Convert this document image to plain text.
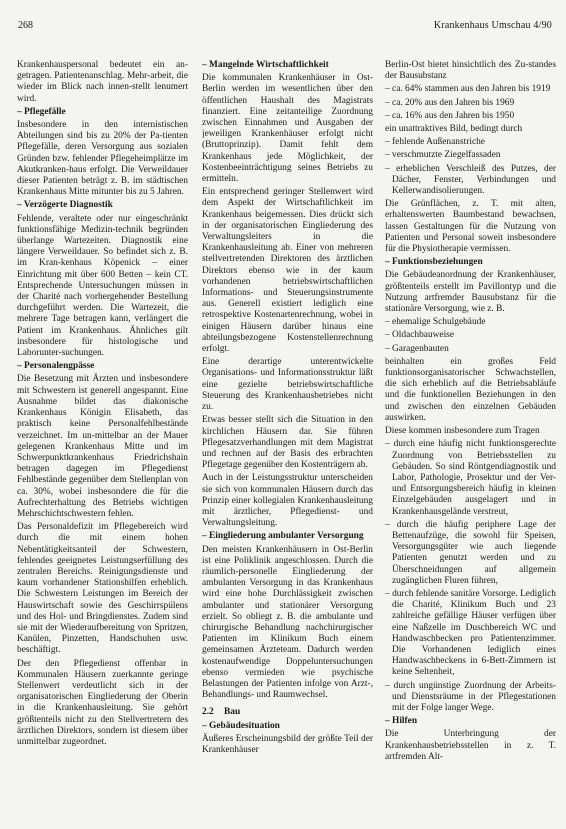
268	Krankenhaus Umschau 4/90

Krankenhauspersonal bedeutet ein an-getragen. Patientenanschlag. Mehr-arbeit, die wieder im Blick nach innen-stellt lenumert wird.

– Pflegefälle

Insbesondere in den internistischen Abteilungen sind bis zu 20% der Pa-tienten Pflegefälle, deren Versorgung aus sozialen Gründen bzw. fehlender Pflegeheimplätze im Akutkranken-haus erfolgt. Die Verweildauer dieser Patienten beträgt z. B. im städtischen Krankenhaus Mitte mitunter bis zu 5 Jahren.

– Verzögerte Diagnostik

Fehlende, veraltete oder nur eingeschränkt funktionsfähige Medizin-technik begründen überlange Wartezeiten. Diagnostik eine längere Verweildauer. So befindet sich z. B. im Kran-kenhaus Köpenick – einer Einrichtung mit über 600 Betten – kein CT. Entsprechende Untersuchungen müssen in der Charité nach vorhergehender Bestellung durchgeführt werden. Die Wartezeit, die mehrere Tage betragen kann, verlängert die Patient im Krankenhaus. Ähnliches gilt insbesondere für histologische und Laborunter-suchungen.

– Personalengpässe

Die Besetzung mit Ärzten und insbesondere mit Schwestern ist generell angespannt. Eine Ausnahme bildet das diakonische Krankenhaus Königin Elisabeth, das praktisch keine Personalfehlbestände verzeichnet. Im un-mittelbar an der Mauer gelegenen Krankenhaus Mitte und im Schwerpunktkrankenhaus Friedrichshain betragen dagegen im Pflegedienst Fehlbestände gegenüber dem Stellenplan von ca. 30%, wobei insbesondere die für die Aufrechterhaltung des Betriebs wichtigen Mehrschichtschwestern fehlen.

Das Personaldefizit im Pflegebereich wird durch die mit einem hohen Nebentätigkeitsanteil der Schwestern, fehlendes geeignetes Leistungserfüllung des zentralen Bereichs. Reinigungsdienste und kaum vorhandener Stationshilfen erheblich. Die Schwestern Leistungen im Bereich der Hauswirtschaft sowie des Geschirrspülens und des Hol- und Bringdienstes. Zudem sind sie mit der Wiederaufbereitung von Spritzen, Kanülen, Pinzetten, Handschuhen usw. beschäftigt.

Der den Pflegedienst offenbar in Kommunalen Häusern zuerkannte geringe Stellenwert verdeutlicht sich in der organisatorischen Eingliederung der Oberin in die Krankenhausleitung. Sie gehört größtenteils nicht zu den Stellvertretern des ärztlichen Direktors, sondern ist diesem über unmittelbar zugeordnet.

– Mangelnde Wirtschaftlichkeit

Die kommunalen Krankenhäuser in Ost-Berlin werden im wesentlichen über den öffentlichen Haushalt des Magistrats finanziert. Eine zeitanteilige Zuordnung zwischen Einnahmen und Ausgaben der jeweiligen Krankenhäuser erfolgt nicht (Bruttoprinzip). Damit fehlt dem Krankenhaus jede Möglichkeit, der Kostenbeeinträchtigung seines Betriebs zu ermitteln.

Ein entsprechend geringer Stellenwert wird dem Aspekt der Wirtschaftlichkeit im Krankenhaus beigemessen. Dies drückt sich in der organisatorischen Eingliederung des Verwaltungsleiters in die Krankenhausleitung ab. Einer von mehreren stellvertretenden Direktoren des ärztlichen Direktors ebenso wie in der kaum vorhandenen betriebswirtschaftlichen Informations- und Steuerungsinstrumente aus. Generell existiert lediglich eine retrospektive Kostenartenrechnung, wobei in einigen Häusern darüber hinaus eine abteilungsbezogene Kostenstellenrechnung erfolgt.

Eine derartige unterentwickelte Organisations- und Informationsstruktur läßt eine gezielte betriebswirtschaftliche Steuerung des Krankenhausbetriebes nicht zu.

Etwas besser stellt sich die Situation in den kirchlichen Häusern dar. Sie führen Pflegesatzverhandlungen mit dem Magistrat und rechnen auf der Basis des erbrachten Pflegetage gegenüber den Kostenträgern ab.

Auch in der Leistungsstruktur unterscheiden sie sich von kommunalen Häusern durch das Prinzip einer kollegialen Krankenhausleitung mit ärztlicher, Pflegedienst- und Verwaltungsleitung.

– Eingliederung ambulanter Versorgung

Den meisten Krankenhäusern in Ost-Berlin ist eine Poliklinik angeschlossen. Durch die räumlich-personelle Eingliederung der ambulanten Versorgung in das Krankenhaus wird eine hohe Durchlässigkeit zwischen ambulanter und stationärer Versorgung erzielt. So obliegt z. B. die ambulante und chirurgische Behandlung nachchirurgischer Patienten im Klinikum Buch einem gemeinsamen Ärzteteam. Dadurch werden kostenaufwendige Doppeluntersuchungen ebenso vermieden wie psychische Belastungen der Patienten infolge von Arzt-, Behandlungs- und Raumwechsel.

2.2 Bau

– Gebäudesituation

Äußeres Erscheinungsbild der größte Teil der Krankenhäuser

Berlin-Ost bietet hinsichtlich des Zu-standes der Bausubstanz

– ca. 64% stammen aus den Jahren bis 1919

– ca. 20% aus den Jahren bis 1969

– ca. 16% aus den Jahren bis 1950

ein unattraktives Bild, bedingt durch

– fehlende Außenanstriche

– verschmutzte Ziegelfassaden

– erheblichen Verschleiß des Putzes, der Dächer, Fenster, Verbindungen und Kellerwandisolierungen.

Die Grünflächen, z. T. mit alten, erhaltenswerten Baumbestand bewachsen, lassen Gestaltungen für die Nutzung von Patienten und Personal soweit insbesondere für die Physiotherapie vermissen.

– Funktionsbeziehungen

Die Gebäudeanordnung der Krankenhäuser, größtenteils erstellt im Pavillontyp und die Nutzung artfremder Bausubstanz für die stationäre Versorgung, wie z. B.

– ehemalige Schulgebäude

– Oldachbauweise

– Garagenbauten

beinhalten ein großes Feld funktionsorganisatorischer Schwachstellen, die sich erheblich auf die Betriebsabläufe und die funktionellen Beziehungen in den und zwischen den einzelnen Gebäuden auswirken.

Diese kommen insbesondere zum Tragen

– durch eine häufig nicht funktionsgerechte Zuordnung von Betriebsstellen zu Gebäuden. So sind Röntgendiagnostik und Labor, Pathologie, Prosektur und der Ver- und Entsorgungsbereich häufig in kleinen Einzelgebäuden ausgelagert und in Krankenhausgelände verstreut,

– durch die häufig periphere Lage der Bettenaufzüge, die sowohl für Speisen, Versorgungsgüter wie auch liegende Patienten genutzt werden und zu Überschneidungen auf allgemein zugänglichen Fluren führen,

– durch fehlende sanitäre Vorsorge. Lediglich die Charité, Klinikum Buch und 23 zahlreiche gefällige Häuser verfügen über eine Naßzelle im Duschbereich WC und Handwaschbecken pro Patientenzimmer. Die Vorhandenen lediglich eines Handwaschbeckens in 6-Bett-Zimmern ist keine Seltenheit,

– durch ungünstige Zuordnung der Arbeits- und Dienstsräume in der Pflegestationen mit der Folge langer Wege.

– Hilfen

Die Unterbringung der Krankenhausbetriebsstellen in z. T. artfremden Alt-
